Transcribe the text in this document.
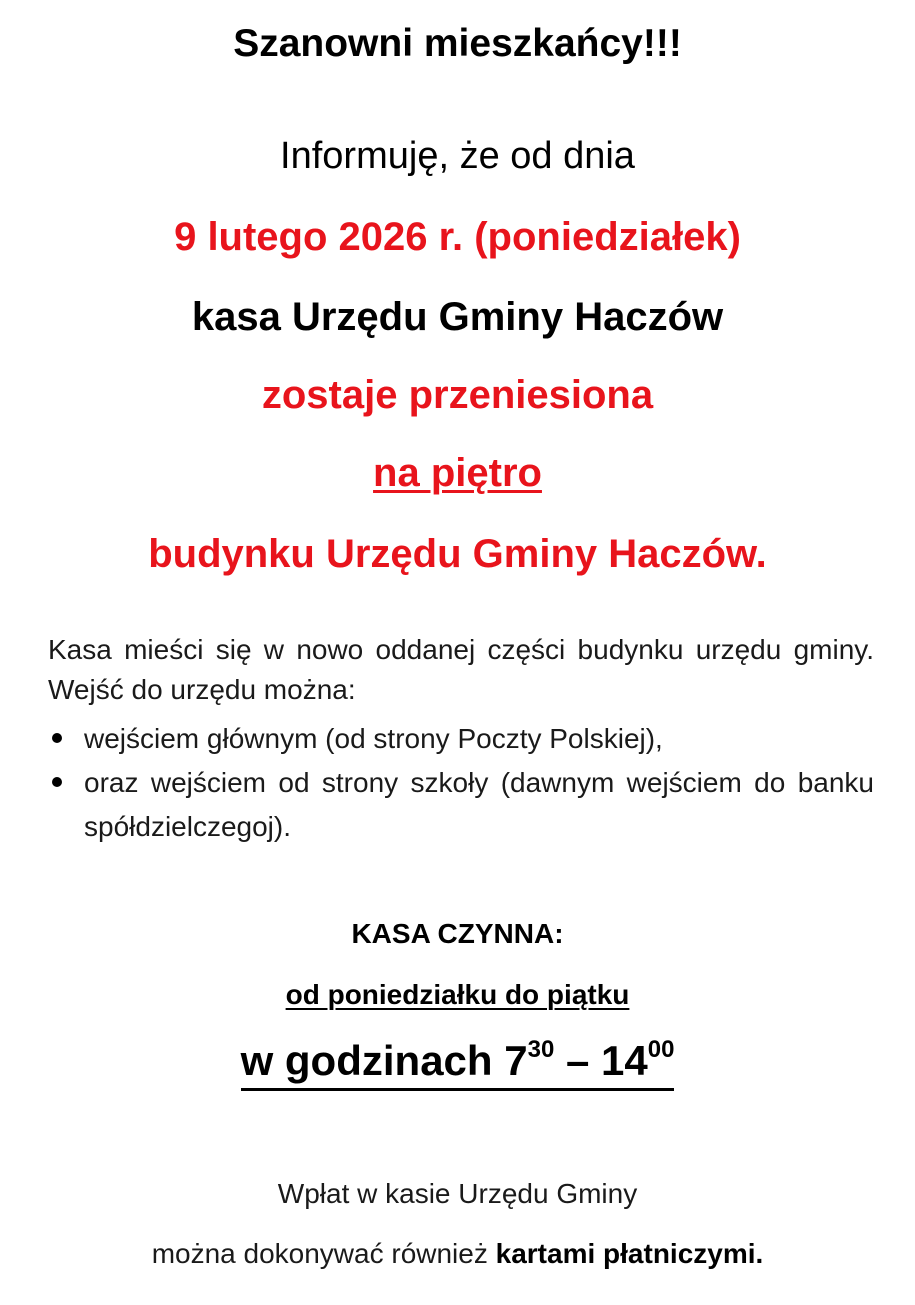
Szanowni mieszkańcy!!!
Informuję, że od dnia
9 lutego 2026 r. (poniedziałek)
kasa Urzędu Gminy Haczów
zostaje przeniesiona
na piętro
budynku Urzędu Gminy Haczów.
Kasa mieści się w nowo oddanej części budynku urzędu gminy. Wejść do urzędu można:
wejściem głównym (od strony Poczty Polskiej),
oraz wejściem od strony szkoły (dawnym wejściem do banku spółdzielczegoj).
KASA CZYNNA:
od poniedziałku do piątku
w godzinach $7^{30} - 14^{00}$
Wpłat w kasie Urzędu Gminy
można dokonywać również kartami płatniczymi.
